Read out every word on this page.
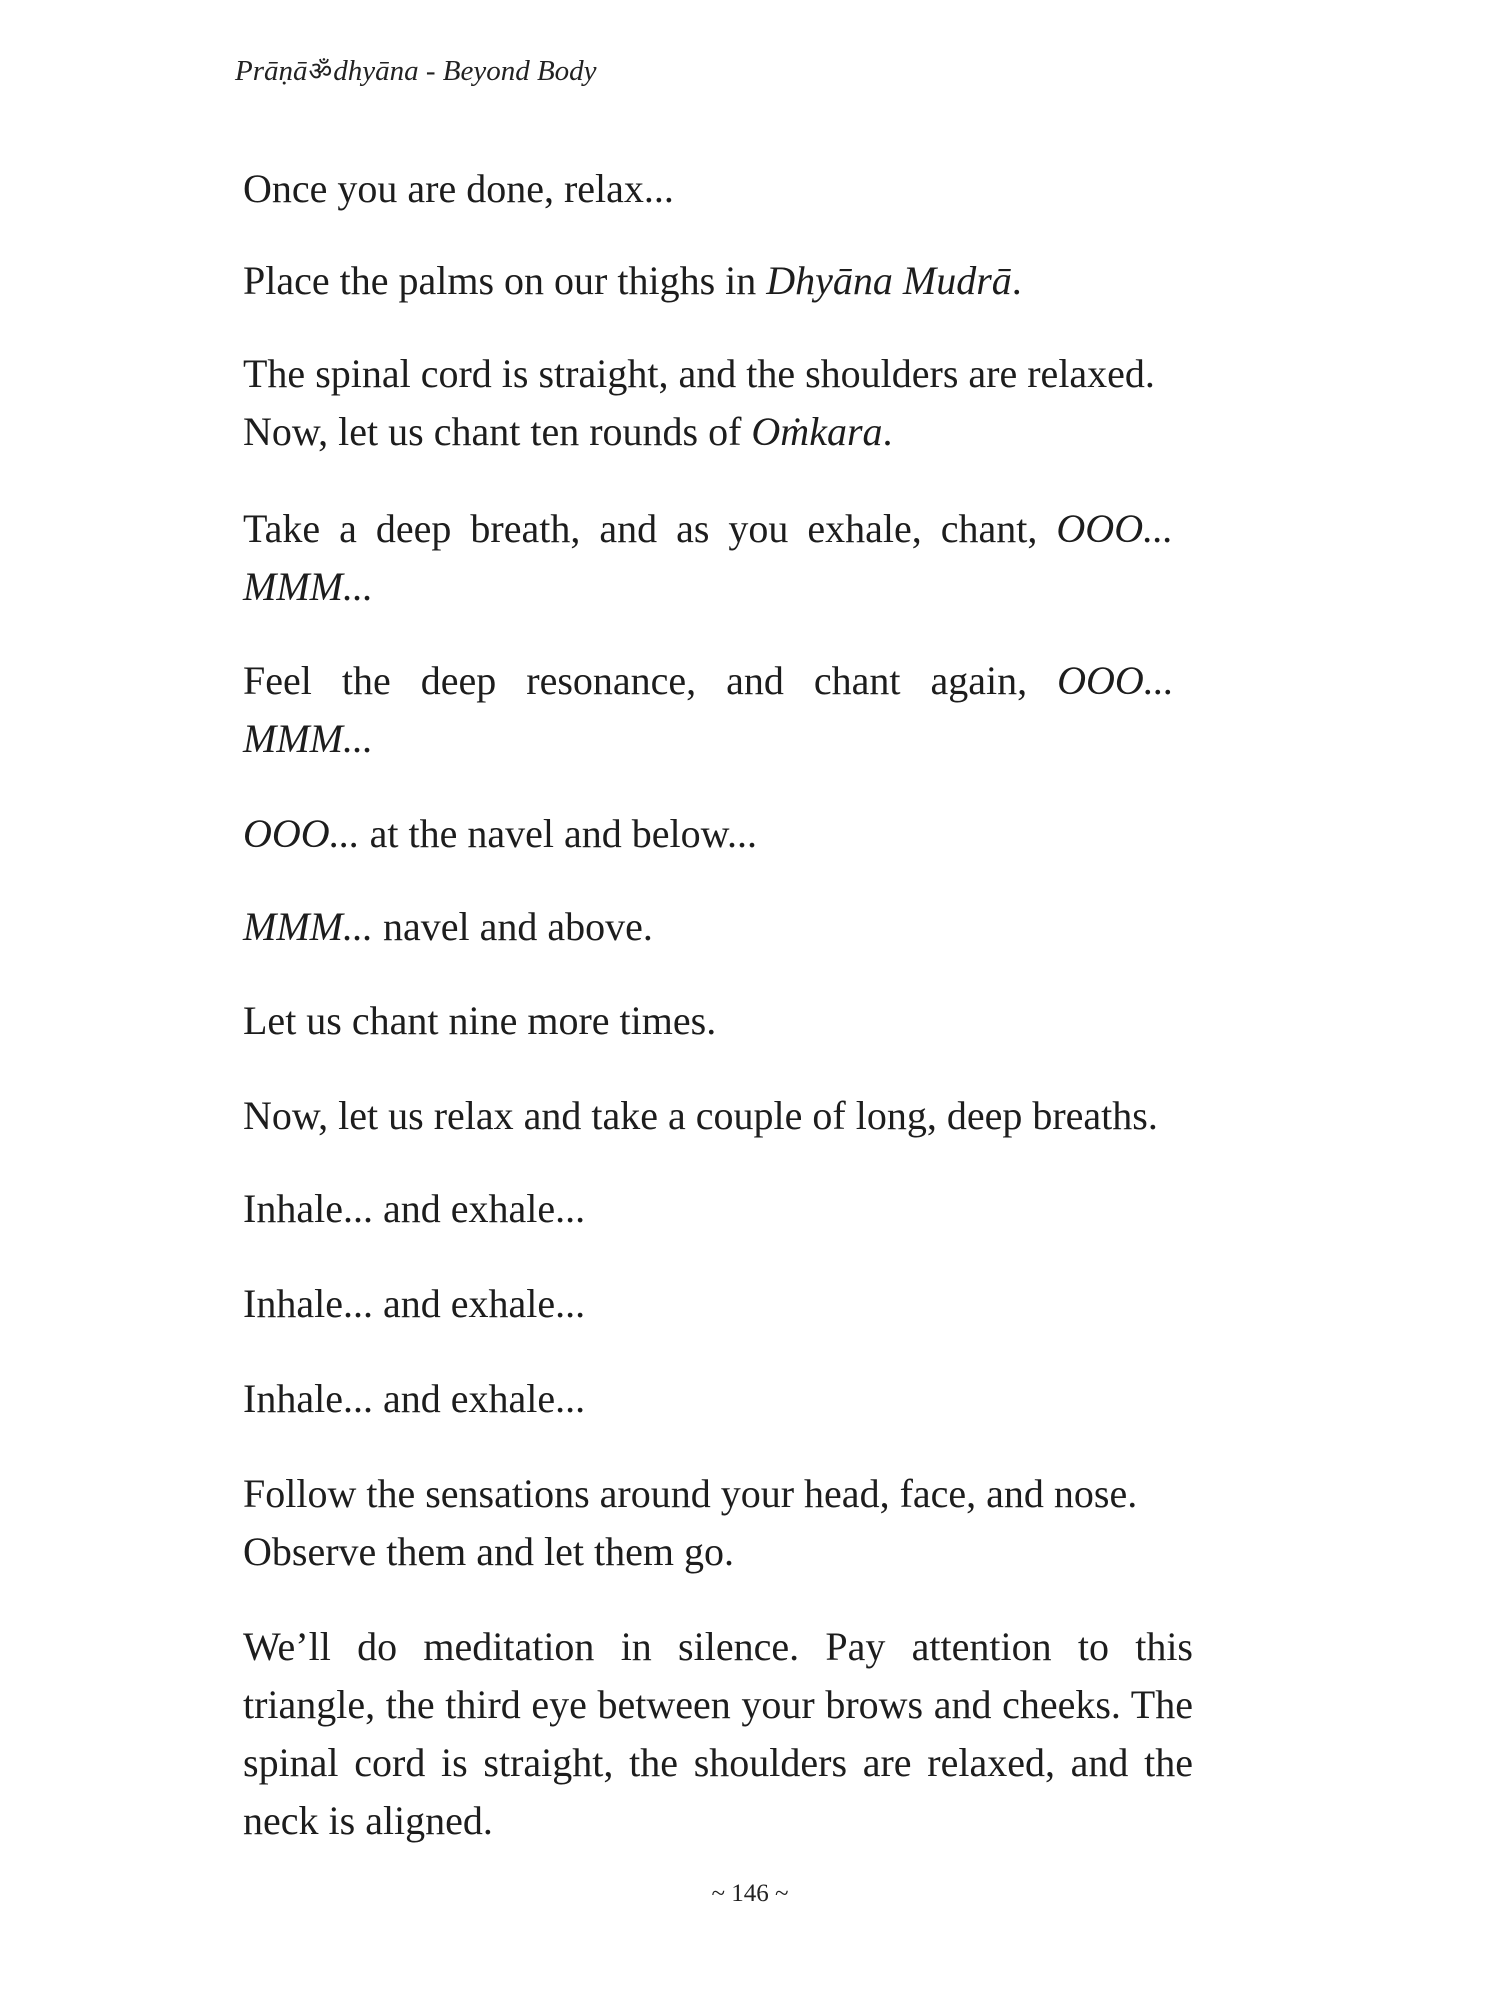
Prāṇāॐdhyāna - Beyond Body

Once you are done, relax...

Place the palms on our thighs in Dhyāna Mudrā.

The spinal cord is straight, and the shoulders are relaxed.
Now, let us chant ten rounds of Oṁkara.

Take a deep breath, and as you exhale, chant, OOO...
MMM...

Feel the deep resonance, and chant again, OOO...
MMM...

OOO... at the navel and below...

MMM... navel and above.

Let us chant nine more times.

Now, let us relax and take a couple of long, deep breaths.

Inhale... and exhale...

Inhale... and exhale...

Inhale... and exhale...

Follow the sensations around your head, face, and nose.
Observe them and let them go.

We’ll do meditation in silence. Pay attention to this triangle, the third eye between your brows and cheeks. The spinal cord is straight, the shoulders are relaxed, and the neck is aligned.

~ 146 ~
